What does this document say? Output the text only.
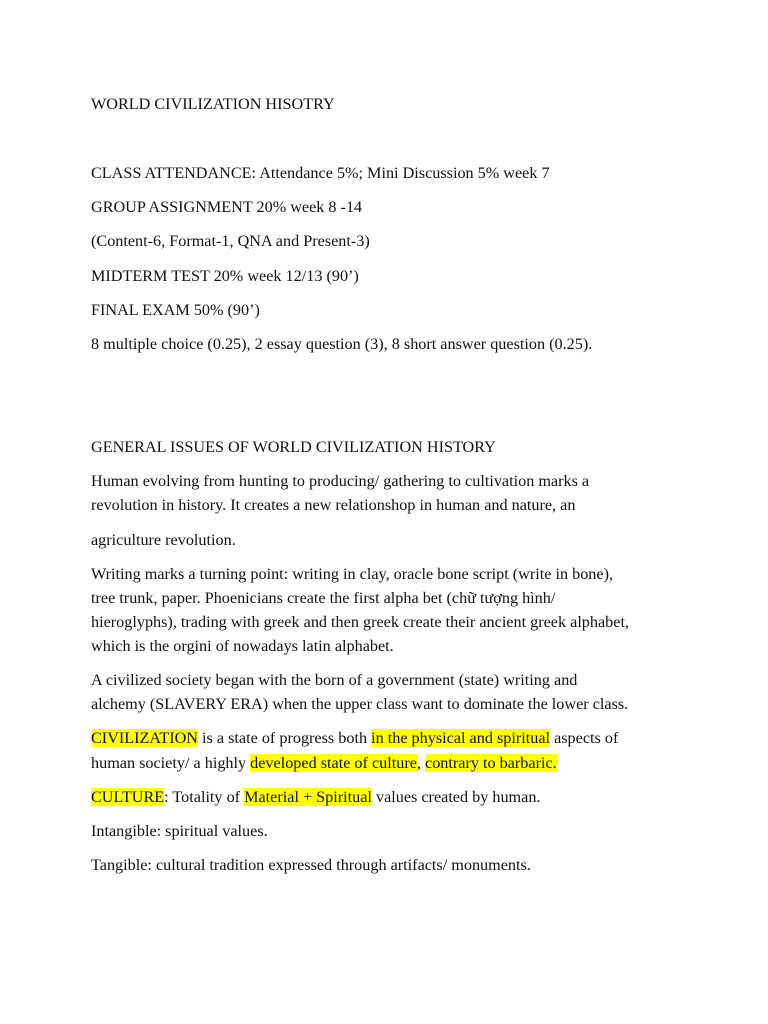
WORLD CIVILIZATION HISOTRY

CLASS ATTENDANCE: Attendance 5%; Mini Discussion 5% week 7

GROUP ASSIGNMENT 20% week 8 -14

(Content-6, Format-1, QNA and Present-3)

MIDTERM TEST 20% week 12/13 (90’)

FINAL EXAM 50% (90’)

8 multiple choice (0.25), 2 essay question (3), 8 short answer question (0.25).

GENERAL ISSUES OF WORLD CIVILIZATION HISTORY

Human evolving from hunting to producing/ gathering to cultivation marks a

revolution in history. It creates a new relationshop in human and nature, an

agriculture revolution.

Writing marks a turning point: writing in clay, oracle bone script (write in bone),

tree trunk, paper. Phoenicians create the first alpha bet (chữ tượng hình/

hieroglyphs), trading with greek and then greek create their ancient greek alphabet,

which is the orgini of nowadays latin alphabet.

A civilized society began with the born of a government (state) writing and

alchemy (SLAVERY ERA) when the upper class want to dominate the lower class.

CIVILIZATION is a state of progress both in the physical and spiritual aspects of

human society/ a highly developed state of culture, contrary to barbaric.

CULTURE: Totality of Material + Spiritual values created by human.

Intangible: spiritual values.

Tangible: cultural tradition expressed through artifacts/ monuments.
